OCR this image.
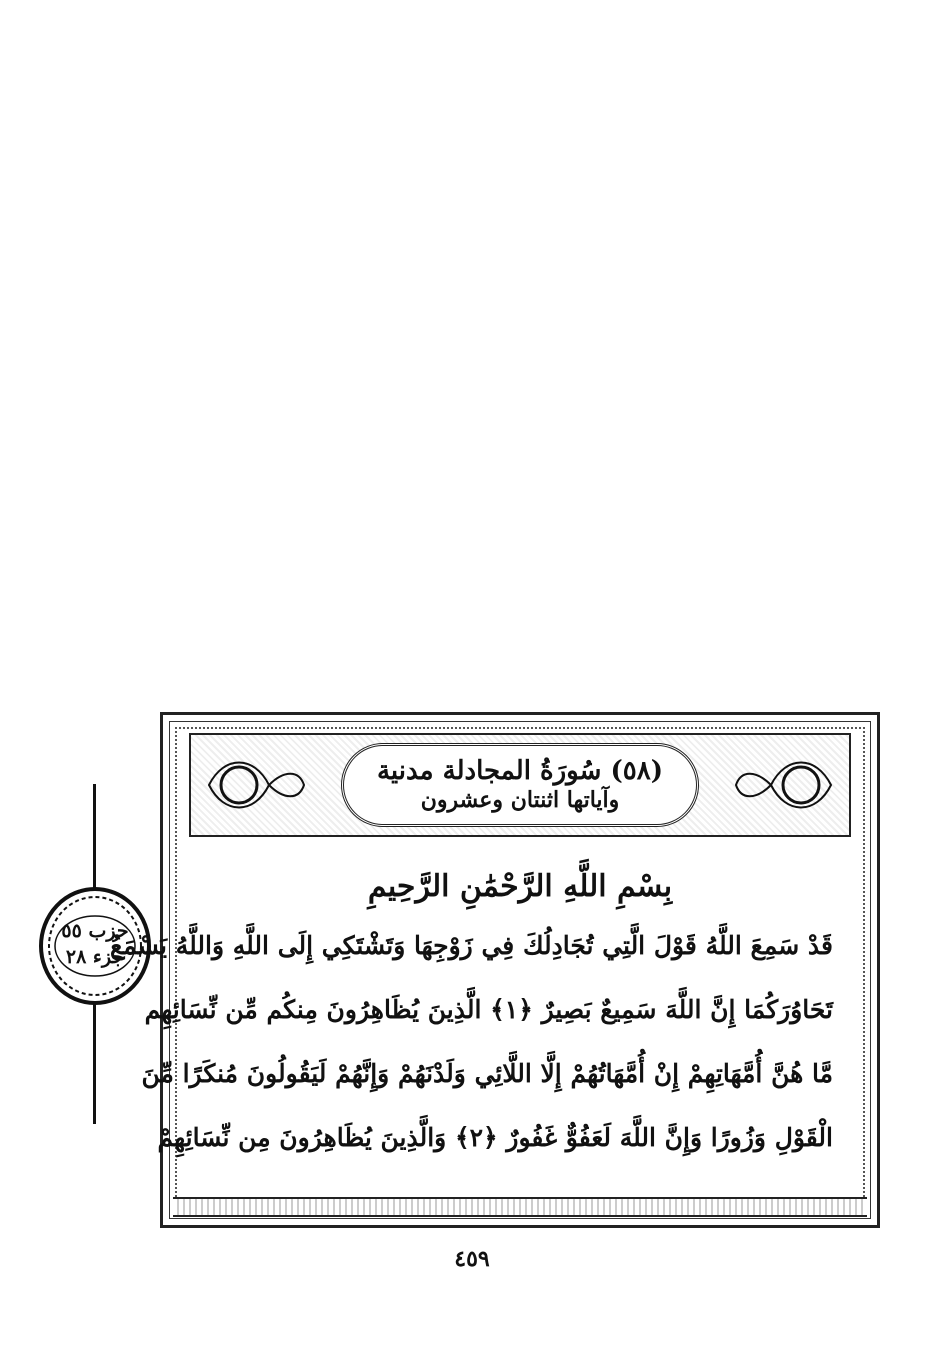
حزب ٥٥
جزء ٢٨
(٥٨) سُورَةُ المجادلة مدنية
وآياتها اثنتان وعشرون
بِسْمِ اللَّهِ الرَّحْمَٰنِ الرَّحِيمِ
قَدْ سَمِعَ اللَّهُ قَوْلَ الَّتِي تُجَادِلُكَ فِي زَوْجِهَا وَتَشْتَكِي إِلَى اللَّهِ وَاللَّهُ يَسْمَعُ
تَحَاوُرَكُمَا إِنَّ اللَّهَ سَمِيعٌ بَصِيرٌ ﴿١﴾ الَّذِينَ يُظَاهِرُونَ مِنكُم مِّن نِّسَائِهِم
مَّا هُنَّ أُمَّهَاتِهِمْ إِنْ أُمَّهَاتُهُمْ إِلَّا اللَّائِي وَلَدْنَهُمْ وَإِنَّهُمْ لَيَقُولُونَ مُنكَرًا مِّنَ
الْقَوْلِ وَزُورًا وَإِنَّ اللَّهَ لَعَفُوٌّ غَفُورٌ ﴿٢﴾ وَالَّذِينَ يُظَاهِرُونَ مِن نِّسَائِهِمْ
٤٥٩
